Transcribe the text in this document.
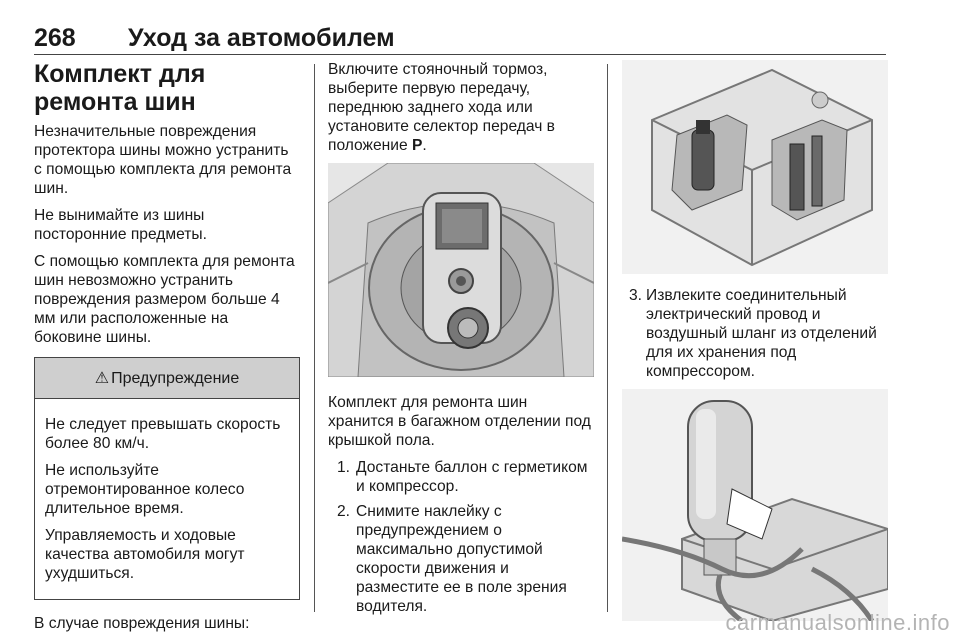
268 Уход за автомобилем
Комплект для ремонта шин

Незначительные повреждения протектора шины можно устранить с помощью комплекта для ремонта шин.

Не вынимайте из шины посторонние предметы.

С помощью комплекта для ремонта шин невозможно устранить повреждения размером больше 4 мм или расположенные на боковине шины.

⚠ Предупреждение

Не следует превышать скорость более 80 км/ч.

Не используйте отремонтированное колесо длительное время.

Управляемость и ходовые качества автомобиля могут ухудшиться.

В случае повреждения шины:

Включите стояночный тормоз, выберите первую передачу, переднюю заднего хода или установите селектор передач в положение P.

Комплект для ремонта шин хранится в багажном отделении под крышкой пола.

1. Достаньте баллон с герметиком и компрессор.
2. Снимите наклейку с предупреждением о максимально допустимой скорости движения и разместите ее в поле зрения водителя.
3. Извлеките соединительный электрический провод и воздушный шланг из отделений для их хранения под компрессором.
carmanualsonline.info
